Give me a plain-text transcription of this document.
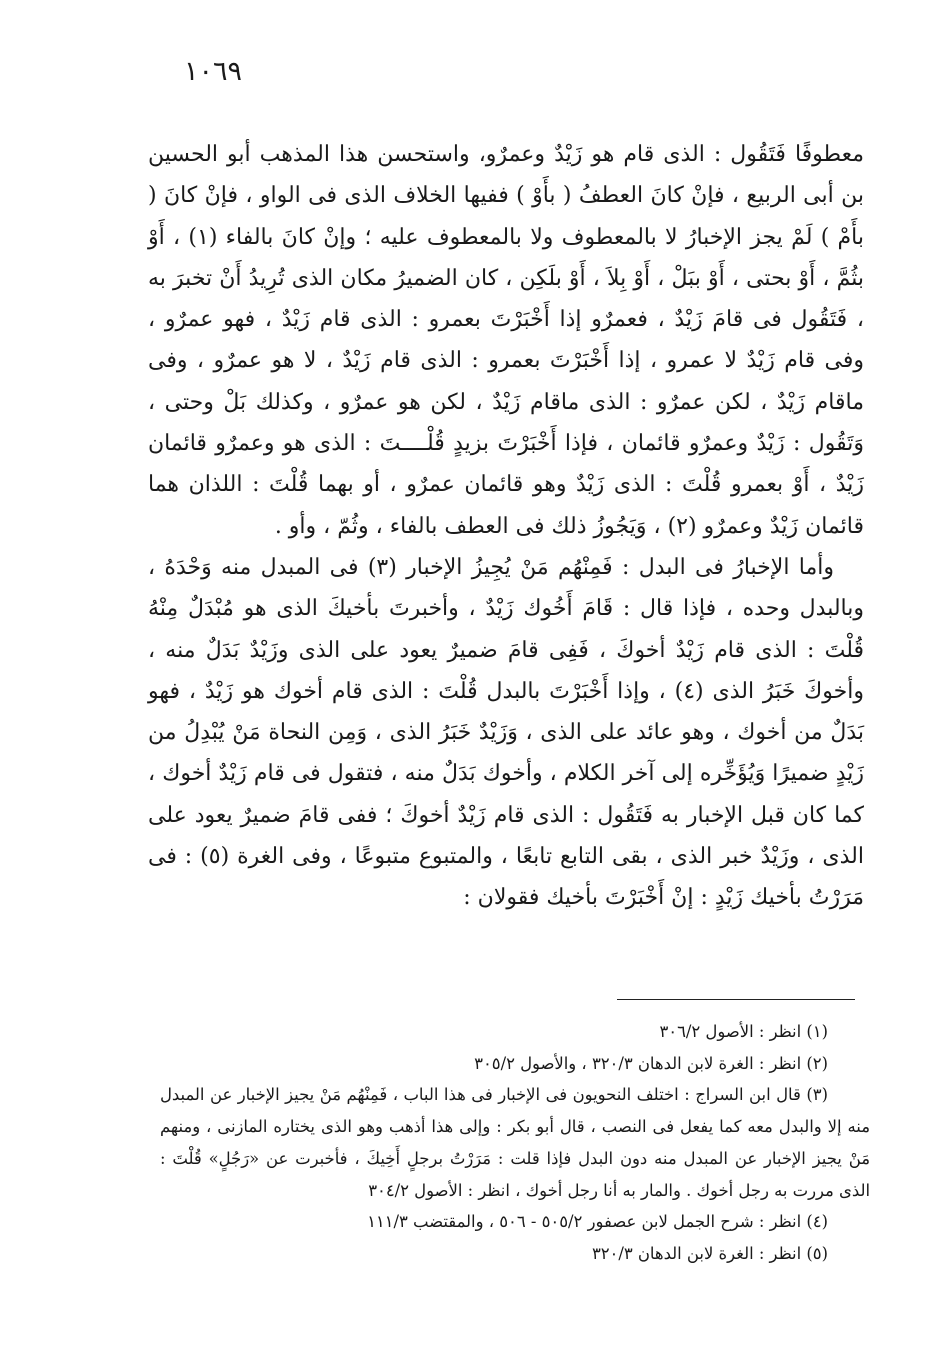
١٠٦٩

معطوفًا فَتَقُول : الذى قام هو زَيْدٌ وعمرٌو، واستحسن هذا المذهب أبو الحسين بن أبى الربيع ، فإنْ كانَ العطفُ ( بأَوْ ) ففيها الخلاف الذى فى الواو ، فإنْ كانَ ( بأَمْ ) لَمْ يجز الإخبارُ لا بالمعطوف ولا بالمعطوف عليه ؛ وإنْ كانَ بالفاء (١) ، أَوْ بثُمَّ ، أَوْ بحتى ، أَوْ ببَلْ ، أَوْ بِلاَ ، أَوْ بلَكِن ، كان الضميرُ مكان الذى تُرِيدُ أَنْ تخبرَ به ، فَتَقُول فى قامَ زَيْدٌ ، فعمرٌو إذا أَخْبَرْتَ بعمرو : الذى قام زَيْدٌ ، فهو عمرٌو ، وفى قام زَيْدٌ لا عمرو ، إذا أَخْبَرْتَ بعمرو : الذى قام زَيْدٌ ، لا هو عمرٌو ، وفى ماقام زَيْدٌ ، لكن عمرٌو : الذى ماقام زَيْدٌ ، لكن هو عمرٌو ، وكذلك بَلْ وحتى ، وَتَقُول : زَيْدٌ وعمرٌو قائمان ، فإذا أَخْبَرْتَ بزيدٍ قُلْــــتَ : الذى هو وعمرٌو قائمان زَيْدٌ ، أَوْ بعمرو قُلْتَ : الذى زَيْدٌ وهو قائمان عمرٌو ، أو بهما قُلْتَ : اللذان هما قائمان زَيْدٌ وعمرٌو (٢) ، وَيَجُوزُ ذلك فى العطف بالفاء ، وثُمّ ، وأو .

وأما الإخبارُ فى البدل : فَمِنْهُم مَنْ يُجِيزُ الإخبار (٣) فى المبدل منه وَحْدَهُ ، وبالبدل وحده ، فإذا قال : قَامَ أَخُوك زَيْدٌ ، وأخبرتَ بأخيكَ الذى هو مُبْدَلٌ مِنْهُ قُلْتَ : الذى قام زَيْدٌ أخوكَ ، فَفِى قامَ ضميرٌ يعود على الذى وزَيْدٌ بَدَلٌ منه ، وأخوكَ خَبَرُ الذى (٤) ، وإذا أَخْبَرْتَ بالبدل قُلْتَ : الذى قام أخوك هو زَيْدٌ ، فهو بَدَلٌ من أخوك ، وهو عائد على الذى ، وَزَيْدٌ خَبَرُ الذى ، وَمِن النحاة مَنْ يُبْدِلُ من زَيْدٍ ضميرًا وَيُؤَخِّره إلى آخر الكلام ، وأخوك بَدَلٌ منه ، فتقول فى قام زَيْدٌ أخوك ، كما كان قبل الإخبار به فَتَقُول : الذى قام زَيْدٌ أخوكَ ؛ ففى قامَ ضميرٌ يعود على الذى ، وزَيْدٌ خبر الذى ، بقى التابع تابعًا ، والمتبوع متبوعًا ، وفى الغرة (٥) : فى مَرَرْتُ بأخيك زَيْدٍ : إنْ أَخْبَرْتَ بأخيك فقولان :

(١) انظر : الأصول ٣٠٦/٢

(٢) انظر : الغرة لابن الدهان ٣٢٠/٣ ، والأصول ٣٠٥/٢

(٣) قال ابن السراج : اختلف النحويون فى الإخبار فى هذا الباب ، فَمِنْهُم مَنْ يجيز الإخبار عن المبدل منه إلا والبدل معه كما يفعل فى النصب ، قال أبو بكر : وإلى هذا أذهب وهو الذى يختاره المازنى ، ومنهم مَنْ يجيز الإخبار عن المبدل منه دون البدل فإذا قلت : مَرَرْتُ برجلٍ أَخِيكَ ، فأخبرت عن «رَجُلٍ» قُلْتَ : الذى مررت به رجل أخوك . والمار به أنا رجل أخوك ، انظر : الأصول ٣٠٤/٢

(٤) انظر : شرح الجمل لابن عصفور ٥٠٥/٢ - ٥٠٦ ، والمقتضب ١١١/٣

(٥) انظر : الغرة لابن الدهان ٣٢٠/٣
